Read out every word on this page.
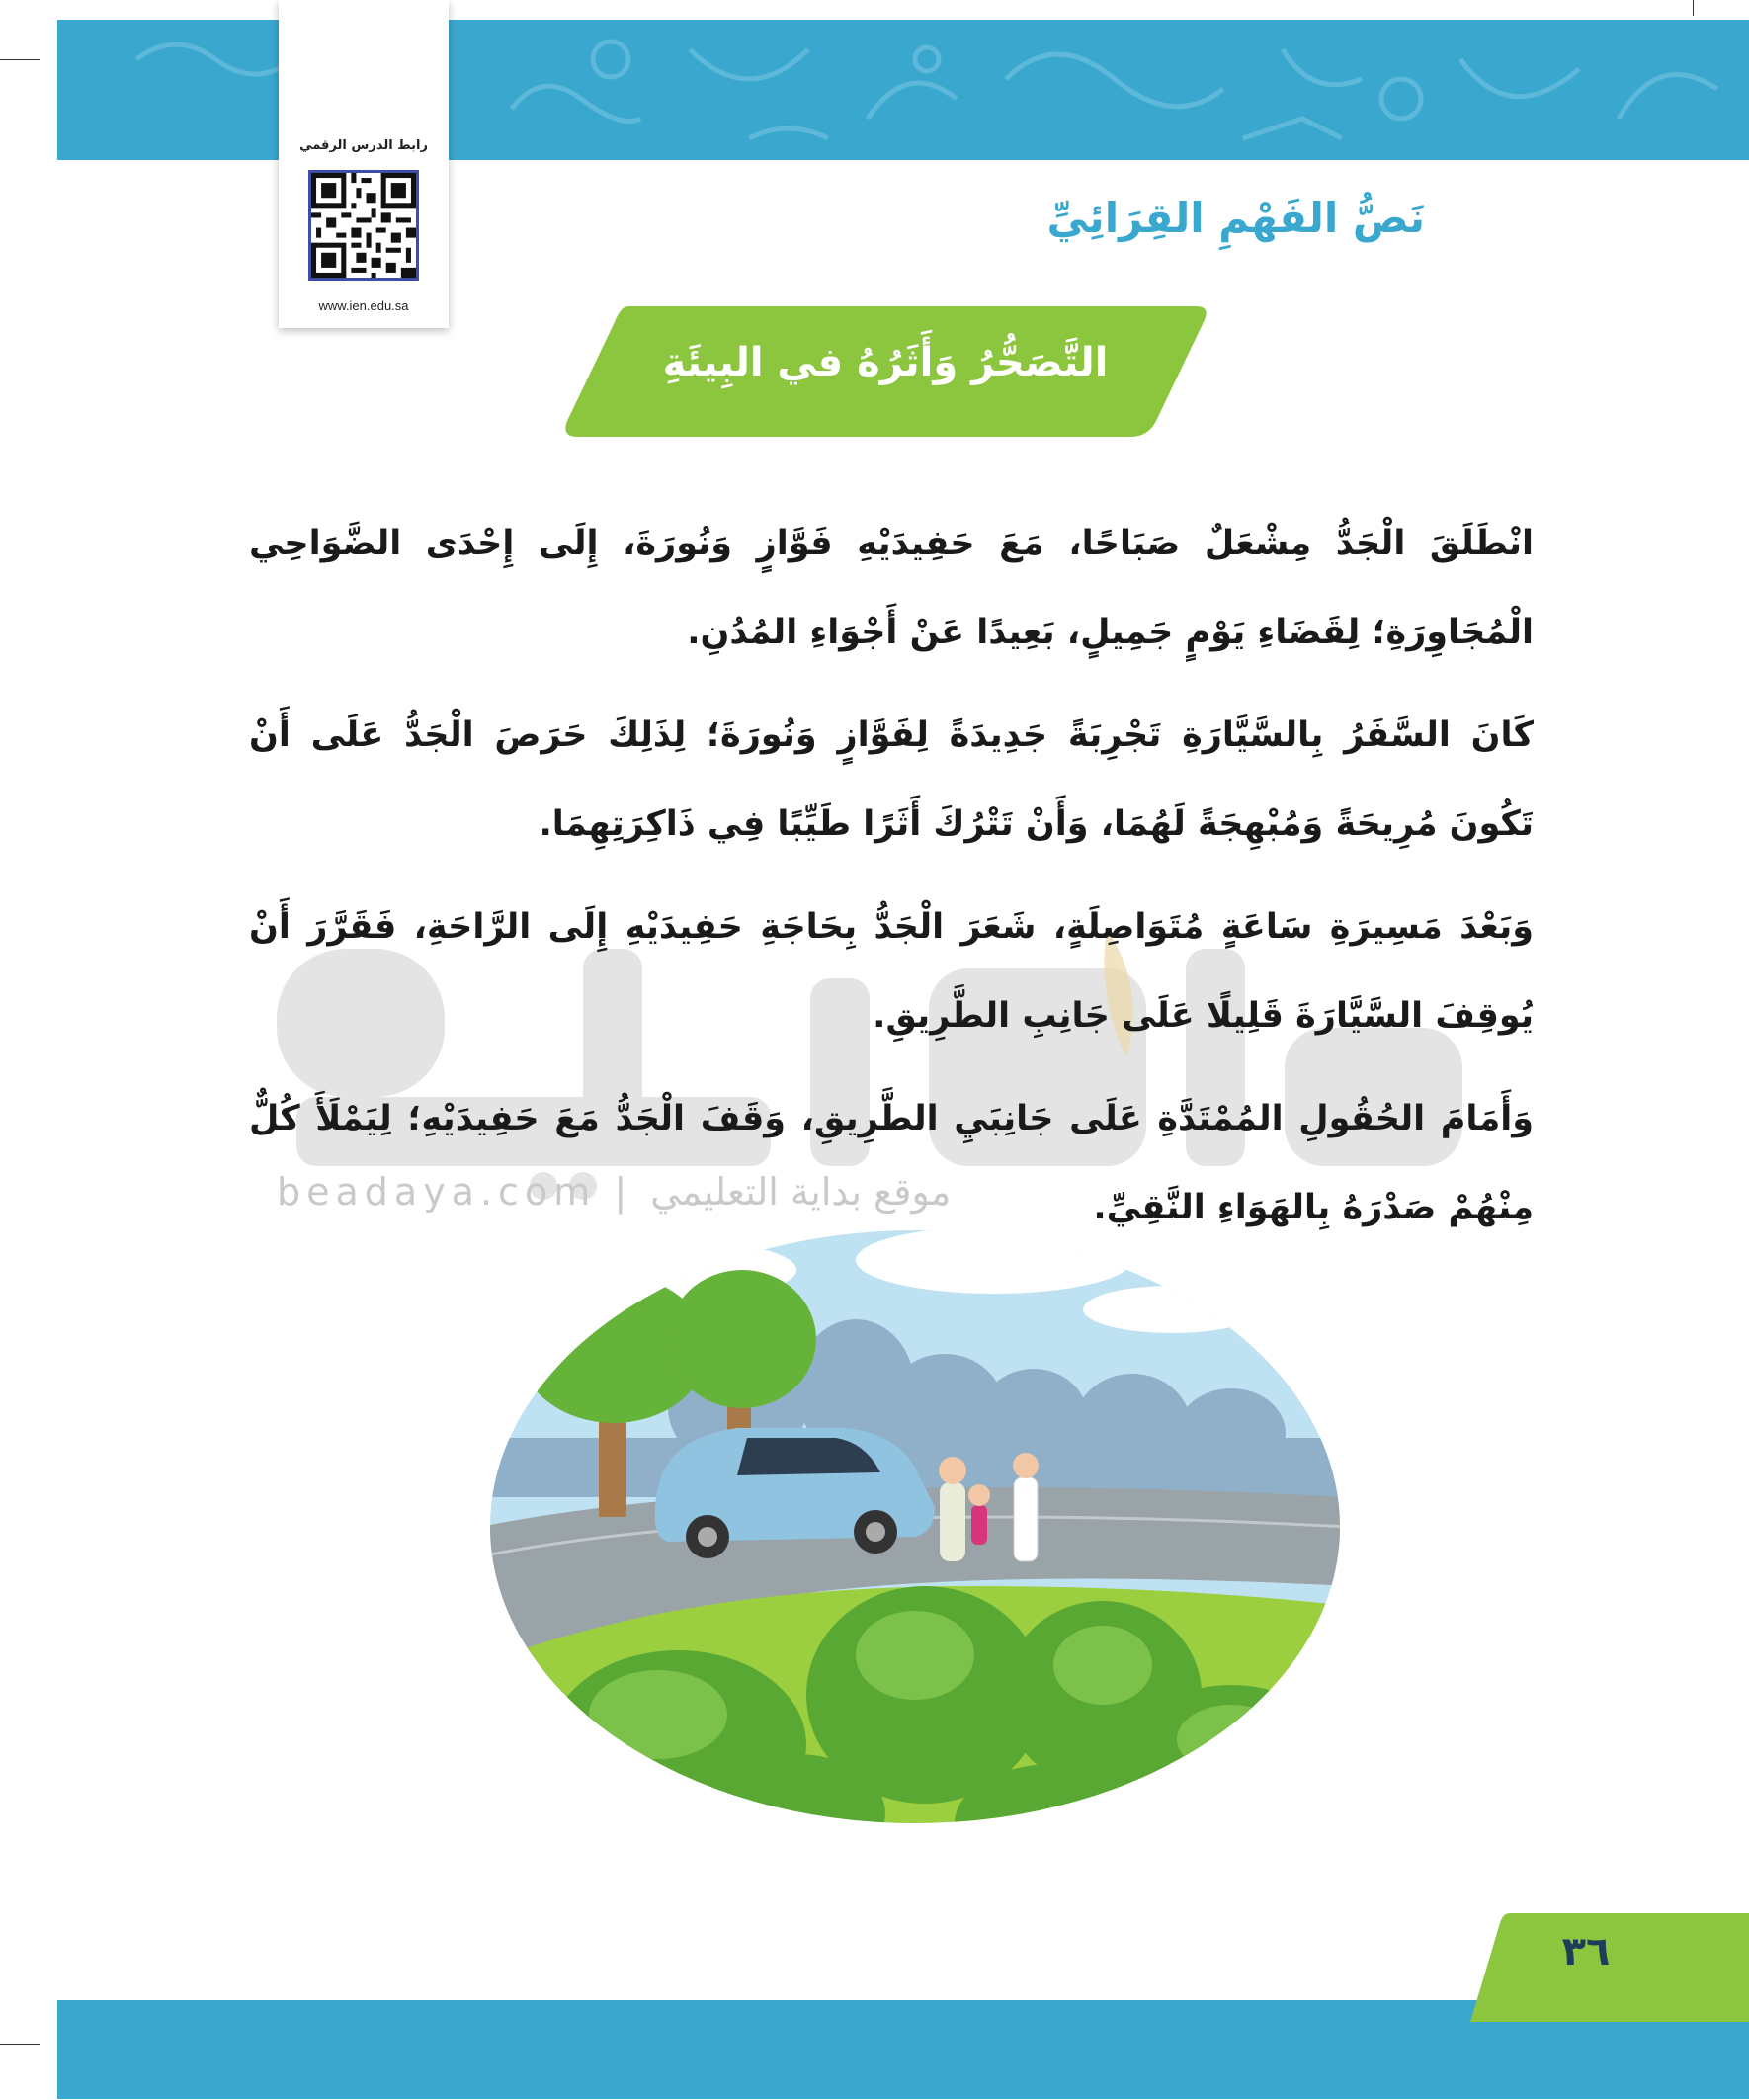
رابط الدرس الرقمي
www.ien.edu.sa
نَصُّ الفَهْمِ القِرَائِيِّ
التَّصَحُّرُ وَأَثَرُهُ في البِيئَةِ
beadaya.com | موقع بداية التعليمي

انْطَلَقَ الْجَدُّ مِشْعَلٌ صَبَاحًا، مَعَ حَفِيدَيْهِ فَوَّازٍ وَنُورَةَ، إِلَى إِحْدَى الضَّوَاحِي الْمُجَاوِرَةِ؛ لِقَضَاءِ يَوْمٍ جَمِيلٍ، بَعِيدًا عَنْ أَجْوَاءِ المُدُنِ.

كَانَ السَّفَرُ بِالسَّيَّارَةِ تَجْرِبَةً جَدِيدَةً لِفَوَّازٍ وَنُورَةَ؛ لِذَلِكَ حَرَصَ الْجَدُّ عَلَى أَنْ تَكُونَ مُرِيحَةً وَمُبْهِجَةً لَهُمَا، وَأَنْ تَتْرُكَ أَثَرًا طَيِّبًا فِي ذَاكِرَتِهِمَا.

وَبَعْدَ مَسِيرَةِ سَاعَةٍ مُتَوَاصِلَةٍ، شَعَرَ الْجَدُّ بِحَاجَةِ حَفِيدَيْهِ إِلَى الرَّاحَةِ، فَقَرَّرَ أَنْ يُوقِفَ السَّيَّارَةَ قَلِيلًا عَلَى جَانِبِ الطَّرِيقِ.

وَأَمَامَ الحُقُولِ المُمْتَدَّةِ عَلَى جَانِبَيِ الطَّرِيقِ، وَقَفَ الْجَدُّ مَعَ حَفِيدَيْهِ؛ لِيَمْلَأَ كُلٌّ مِنْهُمْ صَدْرَهُ بِالهَوَاءِ النَّقِيِّ.

٣٦
